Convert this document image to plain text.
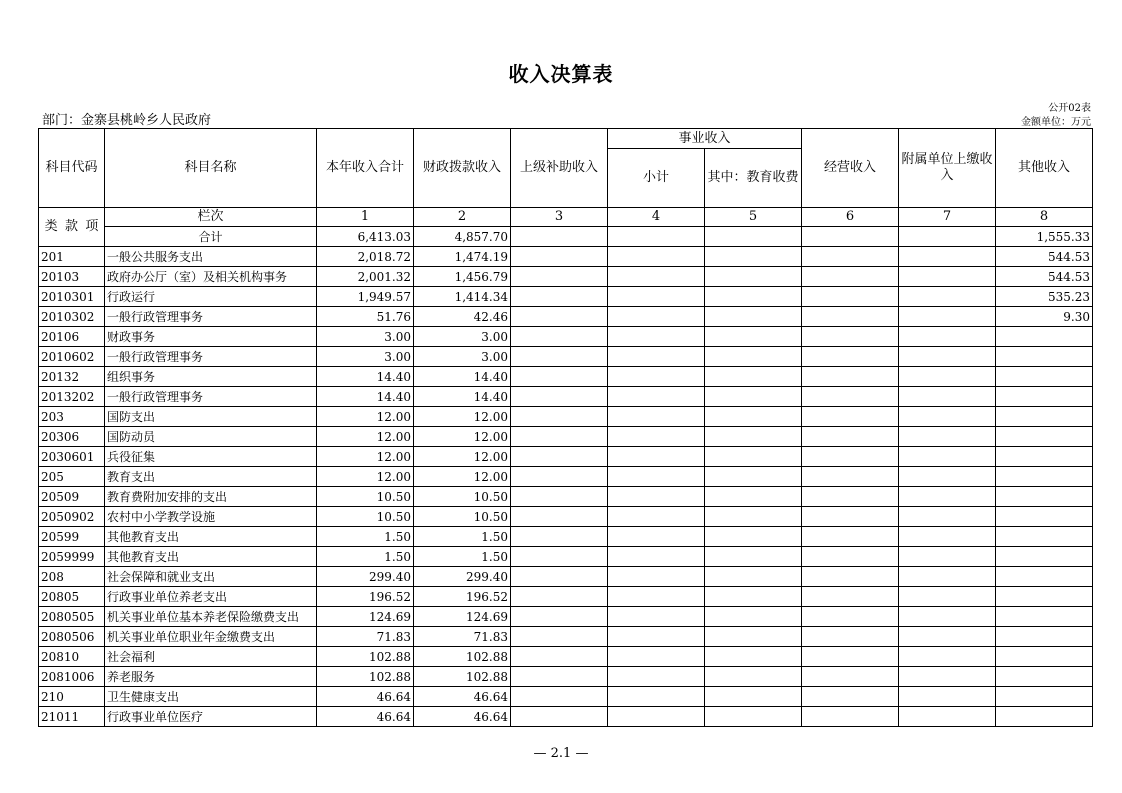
收入决算表
部门：金寨县桃岭乡人民政府
公开02表
金额单位：万元
科目代码	科目名称	本年收入合计	财政拨款收入	上级补助收入	事业收入		经营收入	附属单位上缴收入	其他收入
					小计	其中：教育收费			

类 款 项	栏次	1	2	3	4	5	6	7	8
	合计	6,413.03	4,857.70						1,555.33
201	一般公共服务支出	2,018.72	1,474.19						544.53
20103	政府办公厅（室）及相关机构事务	2,001.32	1,456.79						544.53
2010301	行政运行	1,949.57	1,414.34						535.23
2010302	一般行政管理事务	51.76	42.46						9.30
20106	财政事务	3.00	3.00						
2010602	一般行政管理事务	3.00	3.00						
20132	组织事务	14.40	14.40						
2013202	一般行政管理事务	14.40	14.40						
203	国防支出	12.00	12.00						
20306	国防动员	12.00	12.00						
2030601	兵役征集	12.00	12.00						
205	教育支出	12.00	12.00						
20509	教育费附加安排的支出	10.50	10.50						
2050902	农村中小学教学设施	10.50	10.50						
20599	其他教育支出	1.50	1.50						
2059999	其他教育支出	1.50	1.50						
208	社会保障和就业支出	299.40	299.40						
20805	行政事业单位养老支出	196.52	196.52						
2080505	机关事业单位基本养老保险缴费支出	124.69	124.69						
2080506	机关事业单位职业年金缴费支出	71.83	71.83						
20810	社会福利	102.88	102.88						
2081006	养老服务	102.88	102.88						
210	卫生健康支出	46.64	46.64						
21011	行政事业单位医疗	46.64	46.64						
— 2.1 —
